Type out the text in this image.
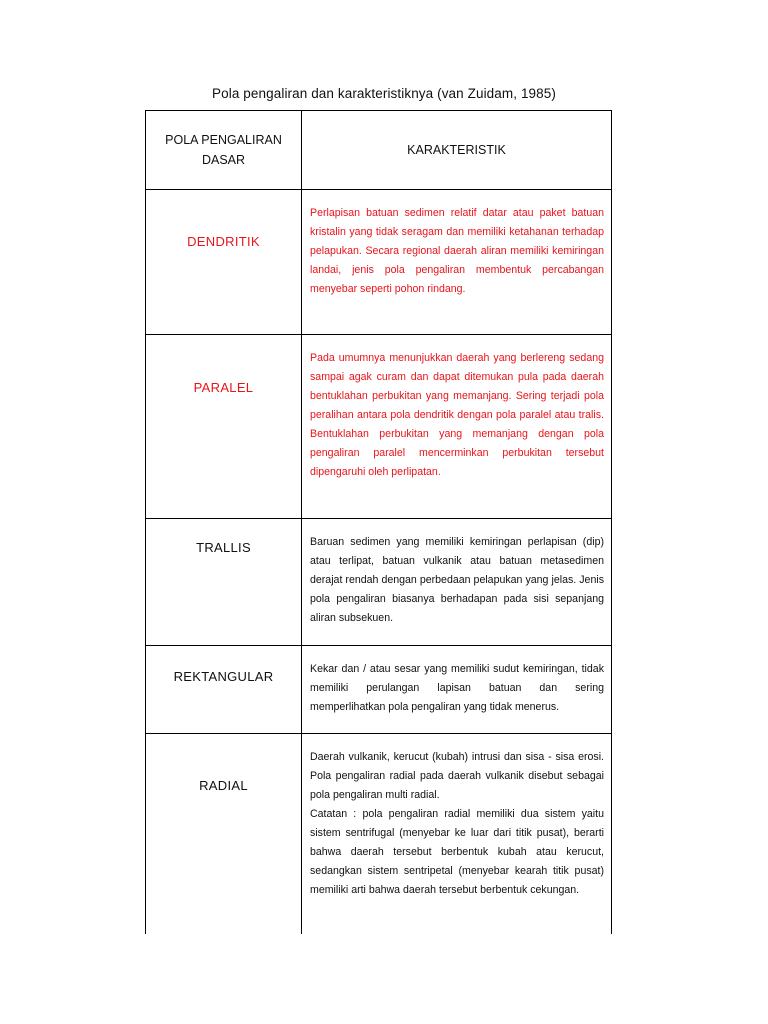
Pola pengaliran dan karakteristiknya (van Zuidam, 1985)
POLA PENGALIRAN DASAR	KARAKTERISTIK
DENDRITIK	Perlapisan batuan sedimen relatif datar atau paket batuan kristalin yang tidak seragam dan memiliki ketahanan terhadap pelapukan. Secara regional daerah aliran memiliki kemiringan landai, jenis pola pengaliran membentuk percabangan menyebar seperti pohon rindang.
PARALEL	Pada umumnya menunjukkan daerah yang berlereng sedang sampai agak curam dan dapat ditemukan pula pada daerah bentuklahan perbukitan yang memanjang. Sering terjadi pola peralihan antara pola dendritik dengan pola paralel atau tralis. Bentuklahan perbukitan yang memanjang dengan pola pengaliran paralel mencerminkan perbukitan tersebut dipengaruhi oleh perlipatan.
TRALLIS	Baruan sedimen yang memiliki kemiringan perlapisan (dip) atau terlipat, batuan vulkanik atau batuan metasedimen derajat rendah dengan perbedaan pelapukan yang jelas. Jenis pola pengaliran biasanya berhadapan pada sisi sepanjang aliran subsekuen.
REKTANGULAR	Kekar dan / atau sesar yang memiliki sudut kemiringan, tidak memiliki perulangan lapisan batuan dan sering memperlihatkan pola pengaliran yang tidak menerus.
RADIAL	Daerah vulkanik, kerucut (kubah) intrusi dan sisa - sisa erosi. Pola pengaliran radial pada daerah vulkanik disebut sebagai pola pengaliran multi radial.

Catatan : pola pengaliran radial memiliki dua sistem yaitu sistem sentrifugal (menyebar ke luar dari titik pusat), berarti bahwa daerah tersebut berbentuk kubah atau kerucut, sedangkan sistem sentripetal (menyebar kearah titik pusat) memiliki arti bahwa daerah tersebut berbentuk cekungan.
